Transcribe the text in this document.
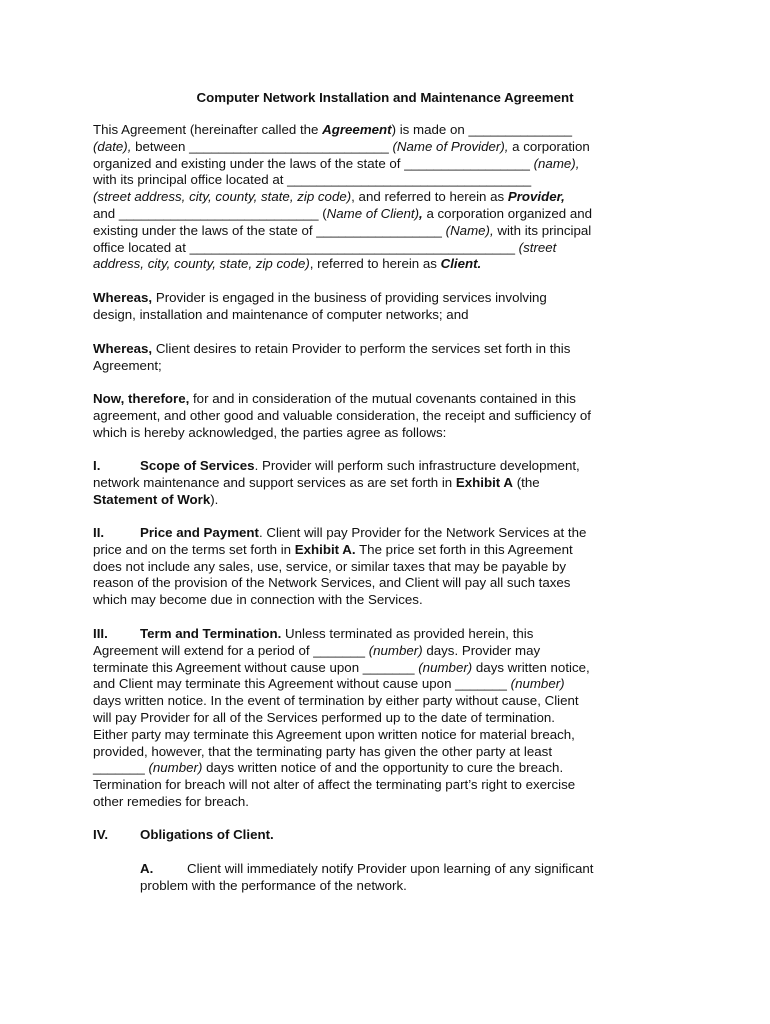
Computer Network Installation and Maintenance Agreement
This Agreement (hereinafter called the Agreement) is made on ______________
(date), between ___________________________ (Name of Provider), a corporation
organized and existing under the laws of the state of _________________ (name),
with its principal office located at _________________________________
(street address, city, county, state, zip code), and referred to herein as Provider,
and ___________________________ (Name of Client), a corporation organized and
existing under the laws of the state of _________________ (Name), with its principal
office located at ____________________________________________ (street
address, city, county, state, zip code), referred to herein as Client.
Whereas, Provider is engaged in the business of providing services involving
design, installation and maintenance of computer networks; and
Whereas, Client desires to retain Provider to perform the services set forth in this
Agreement;
Now, therefore, for and in consideration of the mutual covenants contained in this
agreement, and other good and valuable consideration, the receipt and sufficiency of
which is hereby acknowledged, the parties agree as follows:
I.	Scope of Services. Provider will perform such infrastructure development,
network maintenance and support services as are set forth in Exhibit A (the
Statement of Work).
II.	Price and Payment. Client will pay Provider for the Network Services at the
price and on the terms set forth in Exhibit A. The price set forth in this Agreement
does not include any sales, use, service, or similar taxes that may be payable by
reason of the provision of the Network Services, and Client will pay all such taxes
which may become due in connection with the Services.
III. Term and Termination. Unless terminated as provided herein, this
Agreement will extend for a period of _______ (number) days. Provider may
terminate this Agreement without cause upon _______ (number) days written notice,
and Client may terminate this Agreement without cause upon _______ (number)
days written notice. In the event of termination by either party without cause, Client
will pay Provider for all of the Services performed up to the date of termination.
Either party may terminate this Agreement upon written notice for material breach,
provided, however, that the terminating party has given the other party at least
_______ (number) days written notice of and the opportunity to cure the breach.
Termination for breach will not alter of affect the terminating part’s right to exercise
other remedies for breach.
IV. Obligations of Client.
A.	Client will immediately notify Provider upon learning of any significant
problem with the performance of the network.
